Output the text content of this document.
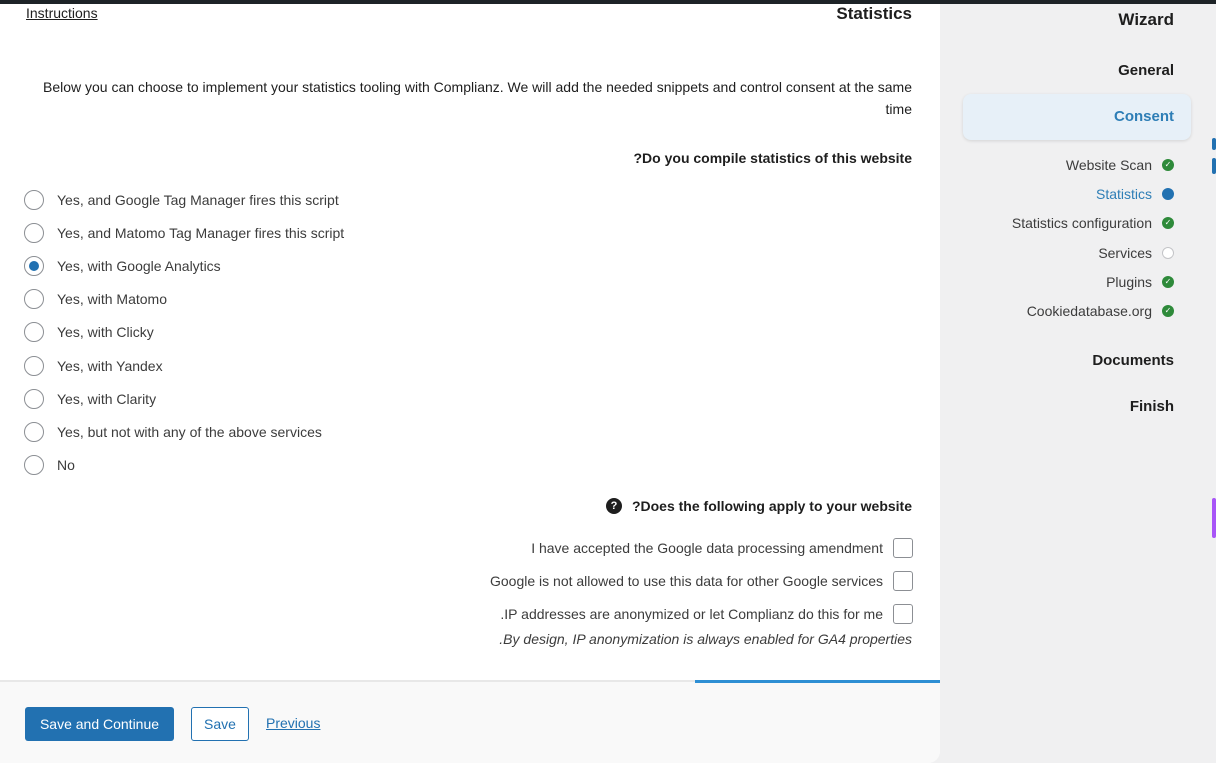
Instructions	Statistics

Below you can choose to implement your statistics tooling with Complianz. We will add the needed snippets and control consent at the same time

?Do you compile statistics of this website
Yes, and Google Tag Manager fires this script
Yes, and Matomo Tag Manager fires this script
Yes, with Google Analytics
Yes, with Matomo
Yes, with Clicky
Yes, with Yandex
Yes, with Clarity
Yes, but not with any of the above services
No
?	?Does the following apply to your website
I have accepted the Google data processing amendment
Google is not allowed to use this data for other Google services
.IP addresses are anonymized or let Complianz do this for me
.By design, IP anonymization is always enabled for GA4 properties
Save and Continue	Save	Previous
Wizard
General
Consent
Website Scan	✓
Statistics
Statistics configuration	✓
Services
Plugins	✓
Cookiedatabase.org	✓
Documents
Finish
